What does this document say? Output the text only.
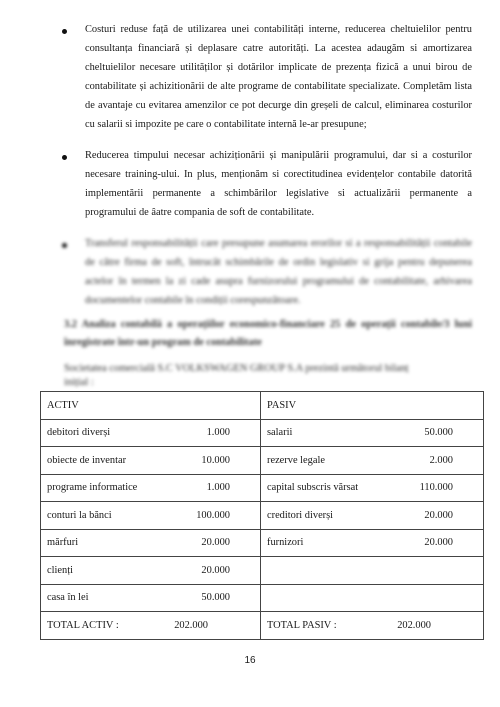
Costuri reduse față de utilizarea unei contabilități interne, reducerea cheltuielilor pentru consultanța financiară și deplasare catre autorități. La acestea adaugăm si amortizarea cheltuielilor necesare utilităților și dotărilor implicate de prezența fizică a unui birou de contabilitate și achizitionării de alte programe de contabilitate specializate. Completăm lista de avantaje cu evitarea amenzilor ce pot decurge din greșeli de calcul, eliminarea costurilor cu salarii si impozite pe care o contabilitate internă le-ar presupune;

Reducerea timpului necesar achiziționării și manipulării programului, dar si a costurilor necesare training-ului. In plus, menționăm si corectitudinea evidențelor contabile datorită implementării permanente a schimbărilor legislative si actualizării permanente a programului de âatre compania de soft de contabilitate.

Transferul responsabilității care presupune asumarea erorilor si a responsabilității contabile de către firma de soft, întrucât schimbările de ordin legislativ si grija pentru depunerea actelor în termen la zi cade asupra furnizorului programului de contabilitate, arhivarea documentelor contabile în condiții corespunzătoare.

3.2 Analiza contabilă a operațiilor economico-financiare 25 de operații contabile/3 luni înregistrate într-un program de contabilitate
Societatea comercială S.C VOLKSWAGEN GROUP S.A prezintă următorul bilanț inițial :
ACTIV	PASIV

debitori diverși 1.000	salarii 50.000

obiecte de inventar 10.000	rezerve legale 2.000

programe informatice 1.000	capital subscris vărsat 110.000

conturi la bănci 100.000	creditori diverși 20.000

mărfuri 20.000	furnizori 20.000

clienți 20.000	

casa în lei 50.000	

TOTAL ACTIV : 202.000	TOTAL PASIV : 202.000
16
